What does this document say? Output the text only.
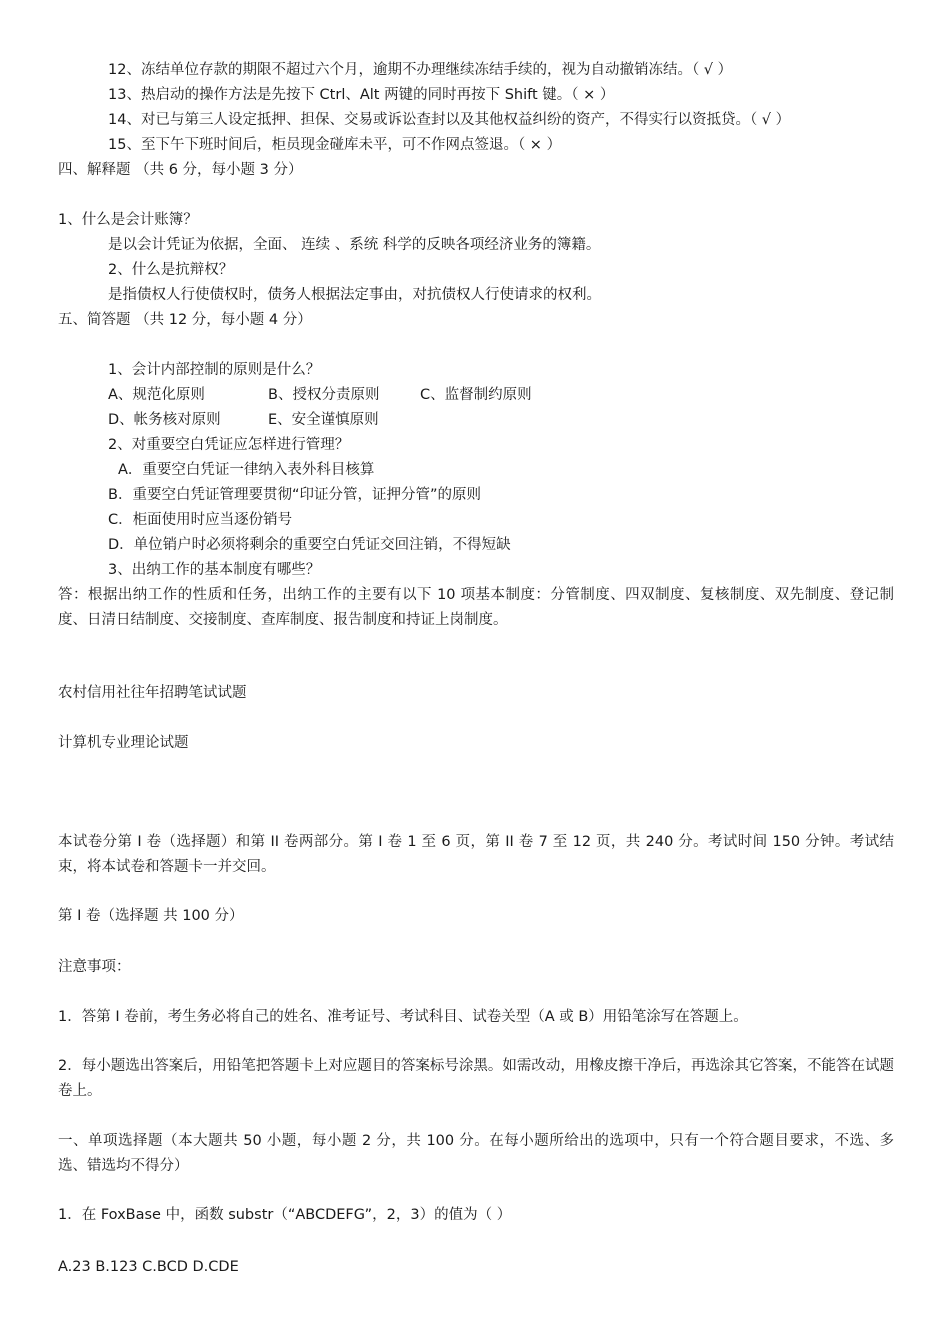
12、冻结单位存款的期限不超过六个月，逾期不办理继续冻结手续的，视为自动撤销冻结。（ √ ）
13、热启动的操作方法是先按下 Ctrl、Alt 两键的同时再按下 Shift 键。（ × ）
14、对已与第三人设定抵押、担保、交易或诉讼查封以及其他权益纠纷的资产，不得实行以资抵贷。（ √ ）
15、至下午下班时间后，柜员现金碰库未平，可不作网点签退。（ × ）
四、解释题 （共 6 分，每小题 3 分）
1、什么是会计账簿？
是以会计凭证为依据，全面、 连续 、系统 科学的反映各项经济业务的簿籍。
2、什么是抗辩权？
是指债权人行使债权时，债务人根据法定事由，对抗债权人行使请求的权利。
五、简答题 （共 12 分，每小题 4 分）
1、会计内部控制的原则是什么？
A、规范化原则	B、授权分责原则	C、监督制约原则
D、帐务核对原则	E、安全谨慎原则
2、对重要空白凭证应怎样进行管理？
A．重要空白凭证一律纳入表外科目核算
B．重要空白凭证管理要贯彻“印证分管，证押分管”的原则
C．柜面使用时应当逐份销号
D．单位销户时必须将剩余的重要空白凭证交回注销，不得短缺
3、出纳工作的基本制度有哪些？
答：根据出纳工作的性质和任务，出纳工作的主要有以下 10 项基本制度：分管制度、四双制度、复核制度、双先制度、登记制度、日清日结制度、交接制度、查库制度、报告制度和持证上岗制度。
农村信用社往年招聘笔试试题
计算机专业理论试题
本试卷分第 I 卷（选择题）和第 II 卷两部分。第 I 卷 1 至 6 页，第 II 卷 7 至 12 页，共 240 分。考试时间 150 分钟。考试结束，将本试卷和答题卡一并交回。
第 I 卷（选择题 共 100 分）
注意事项：
1．答第 I 卷前，考生务必将自己的姓名、准考证号、考试科目、试卷关型（A 或 B）用铅笔涂写在答题上。
2．每小题选出答案后，用铅笔把答题卡上对应题目的答案标号涂黑。如需改动，用橡皮擦干净后，再选涂其它答案，不能答在试题卷上。
一、单项选择题（本大题共 50 小题，每小题 2 分，共 100 分。在每小题所给出的选项中，只有一个符合题目要求，不选、多选、错选均不得分）
1．在 FoxBase 中，函数 substr（“ABCDEFG”，2，3）的值为（ ）
A.23 B.123 C.BCD D.CDE
